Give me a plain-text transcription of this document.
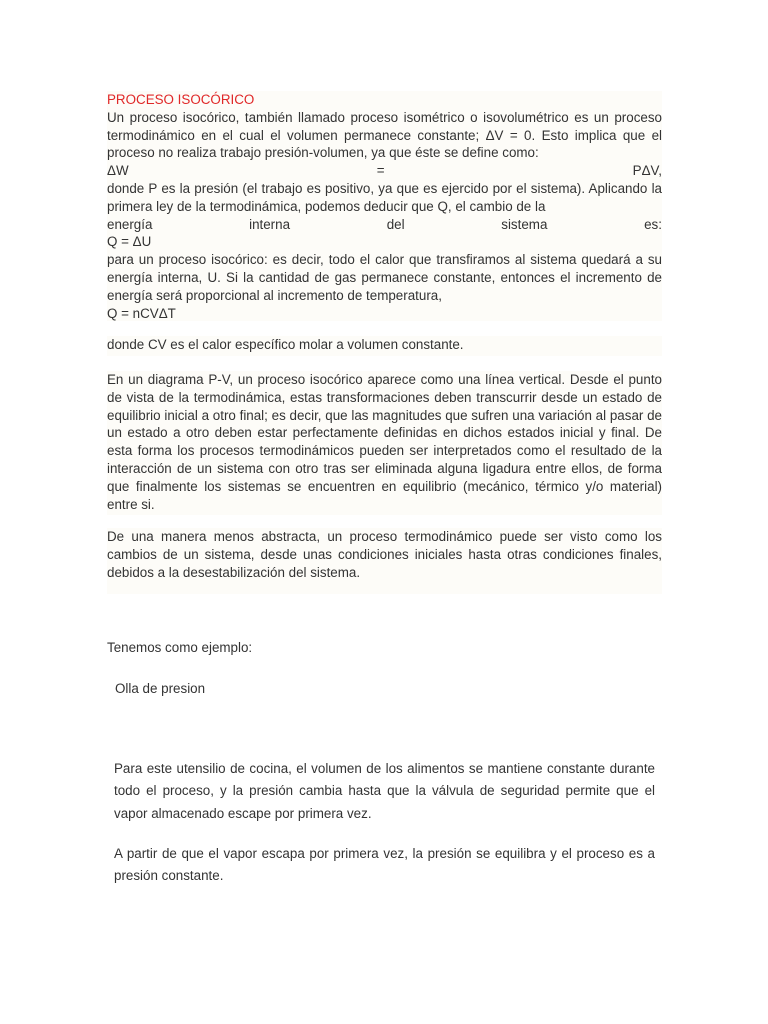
PROCESO ISOCÓRICO

Un proceso isocórico, también llamado proceso isométrico o isovolumétrico es un proceso termodinámico en el cual el volumen permanece constante; ΔV = 0. Esto implica que el proceso no realiza trabajo presión-volumen, ya que éste se define como:

ΔW	=	PΔV,

donde P es la presión (el trabajo es positivo, ya que es ejercido por el sistema). Aplicando la primera ley de la termodinámica, podemos deducir que Q, el cambio de la

energía	interna	del	sistema	es:

Q = ΔU

para un proceso isocórico: es decir, todo el calor que transfiramos al sistema quedará a su energía interna, U. Si la cantidad de gas permanece constante, entonces el incremento de energía será proporcional al incremento de temperatura,

Q = nCVΔT

donde CV es el calor específico molar a volumen constante.

En un diagrama P-V, un proceso isocórico aparece como una línea vertical. Desde el punto de vista de la termodinámica, estas transformaciones deben transcurrir desde un estado de equilibrio inicial a otro final; es decir, que las magnitudes que sufren una variación al pasar de un estado a otro deben estar perfectamente definidas en dichos estados inicial y final. De esta forma los procesos termodinámicos pueden ser interpretados como el resultado de la interacción de un sistema con otro tras ser eliminada alguna ligadura entre ellos, de forma que finalmente los sistemas se encuentren en equilibrio (mecánico, térmico y/o material) entre si.

De una manera menos abstracta, un proceso termodinámico puede ser visto como los cambios de un sistema, desde unas condiciones iniciales hasta otras condiciones finales, debidos a la desestabilización del sistema.

Tenemos como ejemplo:

Olla de presion

Para este utensilio de cocina, el volumen de los alimentos se mantiene constante durante todo el proceso, y la presión cambia hasta que la válvula de seguridad permite que el vapor almacenado escape por primera vez.

A partir de que el vapor escapa por primera vez, la presión se equilibra y el proceso es a presión constante.
